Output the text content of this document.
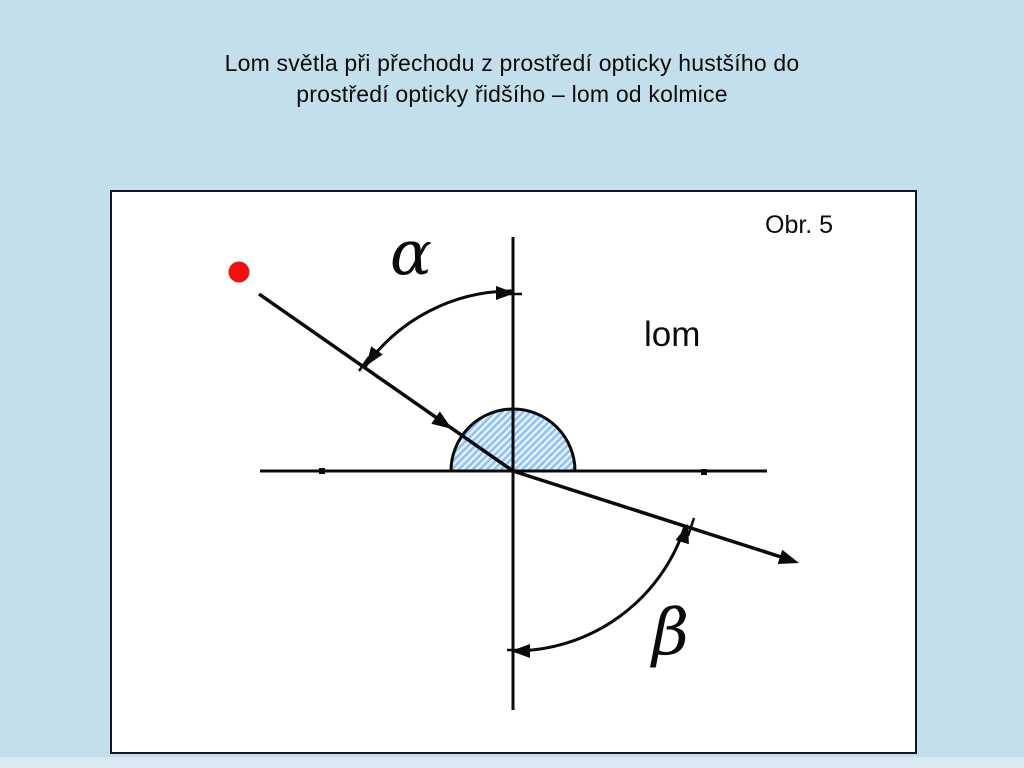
Lom světla při přechodu z prostředí opticky hustšího do
prostředí opticky řidšího – lom od kolmice
Obr. 5
lom
α
β
